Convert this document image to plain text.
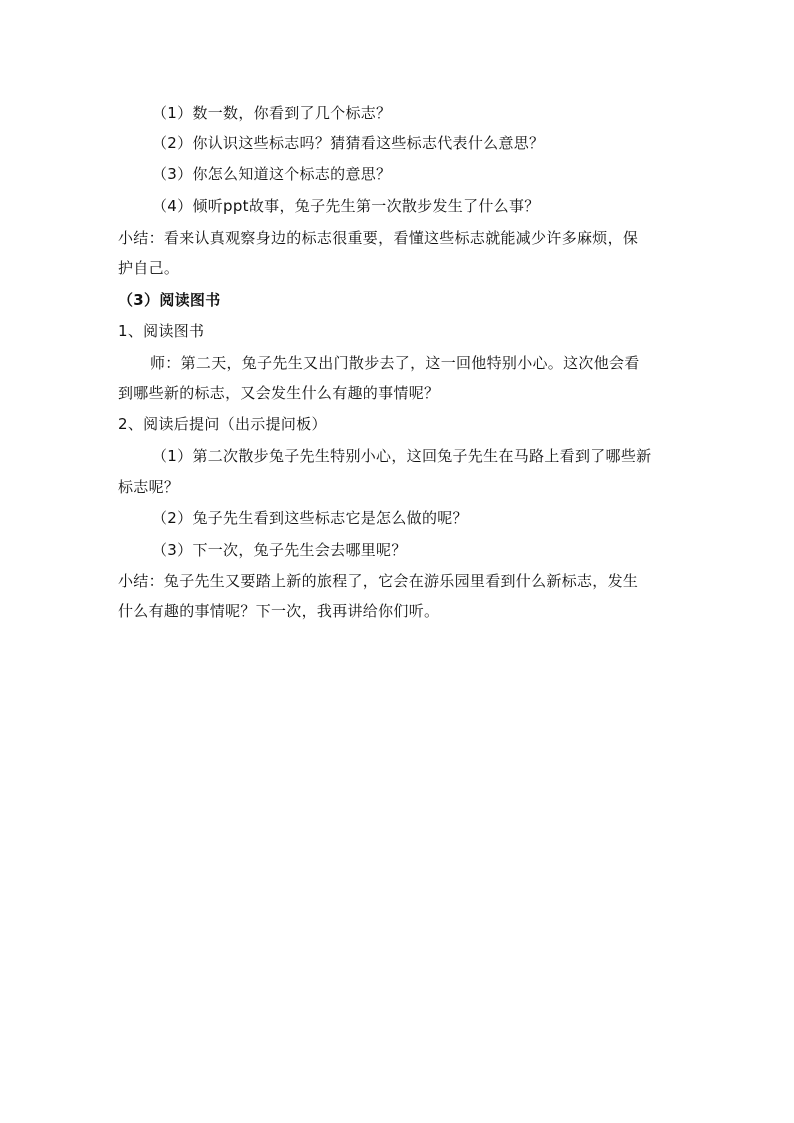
（1）数一数，你看到了几个标志？
（2）你认识这些标志吗？猜猜看这些标志代表什么意思？
（3）你怎么知道这个标志的意思？
（4）倾听ppt故事，兔子先生第一次散步发生了什么事？
小结：看来认真观察身边的标志很重要，看懂这些标志就能减少许多麻烦，保
护自己。
（3）阅读图书
1、阅读图书
师：第二天，兔子先生又出门散步去了，这一回他特别小心。这次他会看
到哪些新的标志，又会发生什么有趣的事情呢？
2、阅读后提问（出示提问板）
（1）第二次散步兔子先生特别小心，这回兔子先生在马路上看到了哪些新
标志呢？
（2）兔子先生看到这些标志它是怎么做的呢？
（3）下一次，兔子先生会去哪里呢？
小结：兔子先生又要踏上新的旅程了，它会在游乐园里看到什么新标志，发生
什么有趣的事情呢？下一次，我再讲给你们听。
